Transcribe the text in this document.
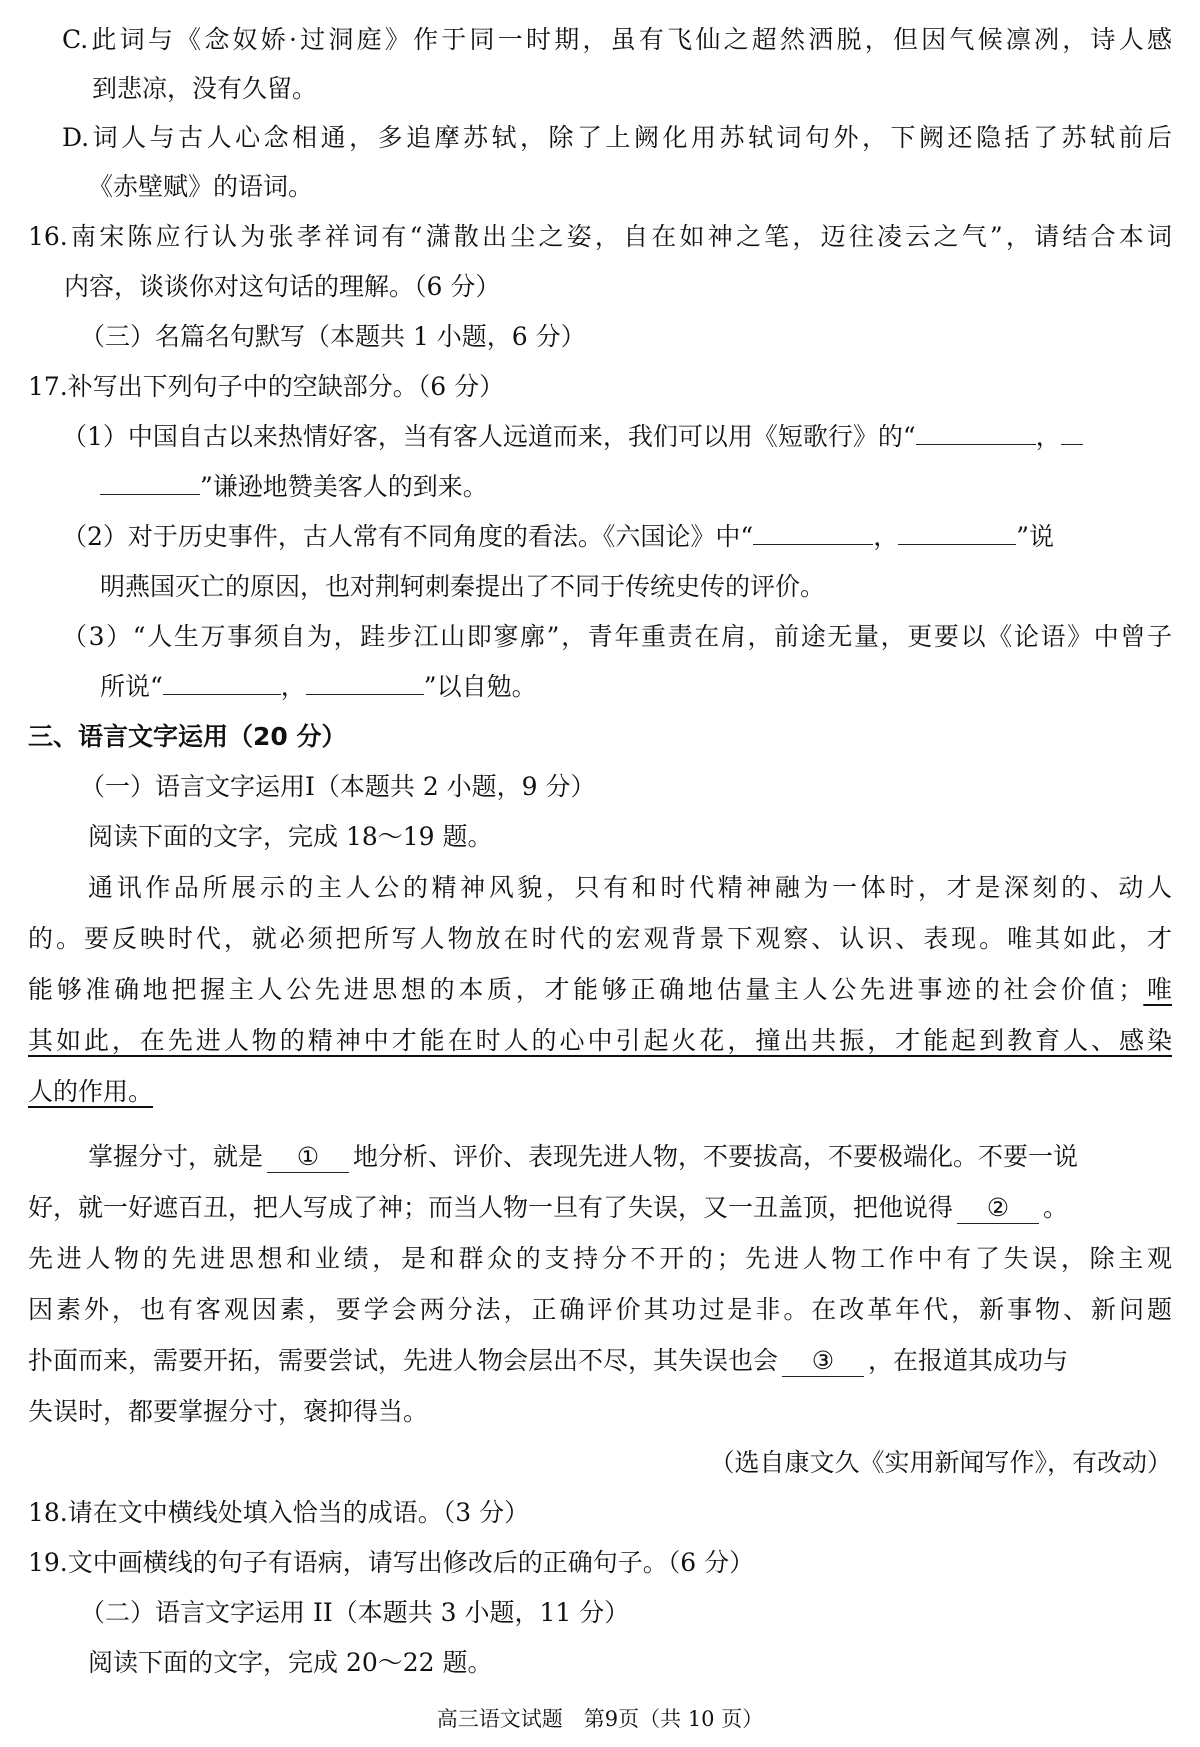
C.此词与《念奴娇·过洞庭》作于同一时期，虽有飞仙之超然洒脱，但因气候凛冽，诗人感
到悲凉，没有久留。
D.词人与古人心念相通，多追摩苏轼，除了上阙化用苏轼词句外，下阙还隐括了苏轼前后
《赤壁赋》的语词。
16.南宋陈应行认为张孝祥词有“潇散出尘之姿，自在如神之笔，迈往凌云之气”，请结合本词
内容，谈谈你对这句话的理解。（6 分）
（三）名篇名句默写（本题共 1 小题，6 分）
17.补写出下列句子中的空缺部分。（6 分）
（1）中国自古以来热情好客，当有客人远道而来，我们可以用《短歌行》的“	，
”谦逊地赞美客人的到来。
（2）对于历史事件，古人常有不同角度的看法。《六国论》中“	，	”说
明燕国灭亡的原因，也对荆轲刺秦提出了不同于传统史传的评价。
（3）“人生万事须自为，跬步江山即寥廓”，青年重责在肩，前途无量，更要以《论语》中曾子
所说“	，	”以自勉。
三、语言文字运用（20 分）
（一）语言文字运用Ⅰ（本题共 2 小题，9 分）
阅读下面的文字，完成 18～19 题。
通讯作品所展示的主人公的精神风貌，只有和时代精神融为一体时，才是深刻的、动人
的。要反映时代，就必须把所写人物放在时代的宏观背景下观察、认识、表现。唯其如此，才
能够准确地把握主人公先进思想的本质，才能够正确地估量主人公先进事迹的社会价值；唯
其如此，在先进人物的精神中才能在时人的心中引起火花，撞出共振，才能起到教育人、感染
人的作用。
掌握分寸，就是 ① 地分析、评价、表现先进人物，不要拔高，不要极端化。不要一说
好，就一好遮百丑，把人写成了神；而当人物一旦有了失误，又一丑盖顶，把他说得 ② 。
先进人物的先进思想和业绩，是和群众的支持分不开的；先进人物工作中有了失误，除主观
因素外，也有客观因素，要学会两分法，正确评价其功过是非。在改革年代，新事物、新问题
扑面而来，需要开拓，需要尝试，先进人物会层出不尽，其失误也会 ③ ，在报道其成功与
失误时，都要掌握分寸，褒抑得当。
（选自康文久《实用新闻写作》，有改动）
18.请在文中横线处填入恰当的成语。（3 分）
19.文中画横线的句子有语病，请写出修改后的正确句子。（6 分）
（二）语言文字运用 II（本题共 3 小题，11 分）
阅读下面的文字，完成 20～22 题。
高三语文试题　第9页（共 10 页）
